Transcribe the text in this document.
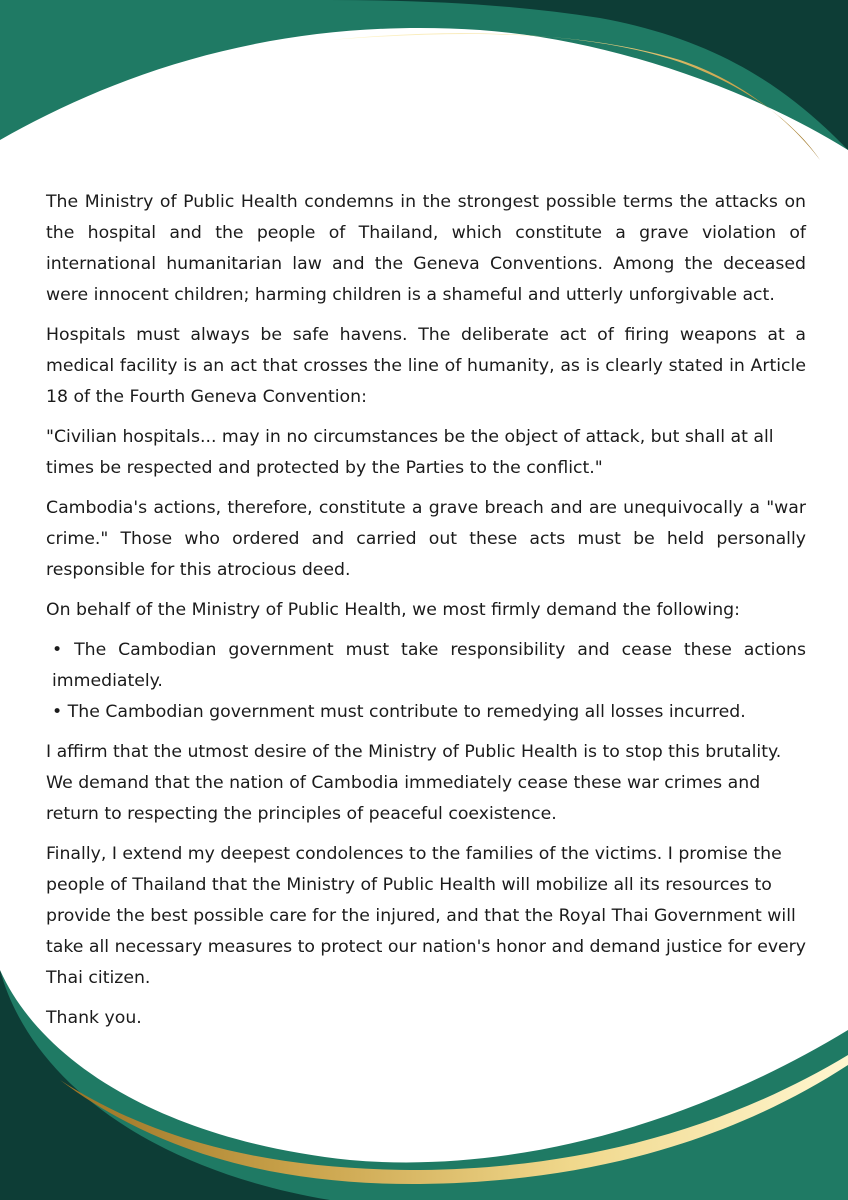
The Ministry of Public Health condemns in the strongest possible terms the attacks on the hospital and the people of Thailand, which constitute a grave violation of international humanitarian law and the Geneva Conventions. Among the deceased were innocent children; harming children is a shameful and utterly unforgivable act.

Hospitals must always be safe havens. The deliberate act of firing weapons at a medical facility is an act that crosses the line of humanity, as is clearly stated in Article 18 of the Fourth Geneva Convention:

"Civilian hospitals... may in no circumstances be the object of attack, but shall at all times be respected and protected by the Parties to the conflict."

Cambodia's actions, therefore, constitute a grave breach and are unequivocally a "war crime." Those who ordered and carried out these acts must be held personally responsible for this atrocious deed.

On behalf of the Ministry of Public Health, we most firmly demand the following:

• The Cambodian government must take responsibility and cease these actions immediately.

• The Cambodian government must contribute to remedying all losses incurred.

I affirm that the utmost desire of the Ministry of Public Health is to stop this brutality. We demand that the nation of Cambodia immediately cease these war crimes and return to respecting the principles of peaceful coexistence.

Finally, I extend my deepest condolences to the families of the victims. I promise the people of Thailand that the Ministry of Public Health will mobilize all its resources to provide the best possible care for the injured, and that the Royal Thai Government will take all necessary measures to protect our nation's honor and demand justice for every Thai citizen.

Thank you.
